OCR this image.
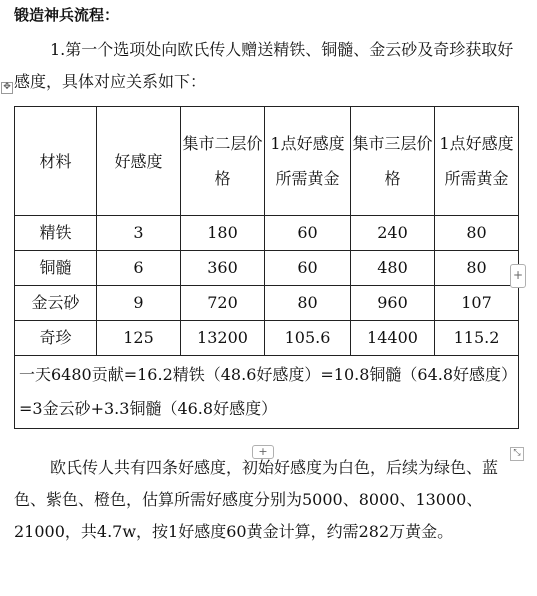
锻造神兵流程：
1.第一个选项处向欧氏传人赠送精铁、铜髓、金云砂及奇珍获取好感度，具体对应关系如下：
✥
材料	好感度	集市二层价格	1点好感度所需黄金	集市三层价格	1点好感度所需黄金
精铁	3	180	60	240	80
铜髓	6	360	60	480	80
金云砂	9	720	80	960	107
奇珍	125	13200	105.6	14400	115.2
一天6480贡献=16.2精铁（48.6好感度）=10.8铜髓（64.8好感度）=3金云砂+3.3铜髓（46.8好感度）					
+
+	⤡
欧氏传人共有四条好感度，初始好感度为白色，后续为绿色、蓝色、紫色、橙色，估算所需好感度分别为5000、8000、13000、21000，共4.7w，按1好感度60黄金计算，约需282万黄金。
